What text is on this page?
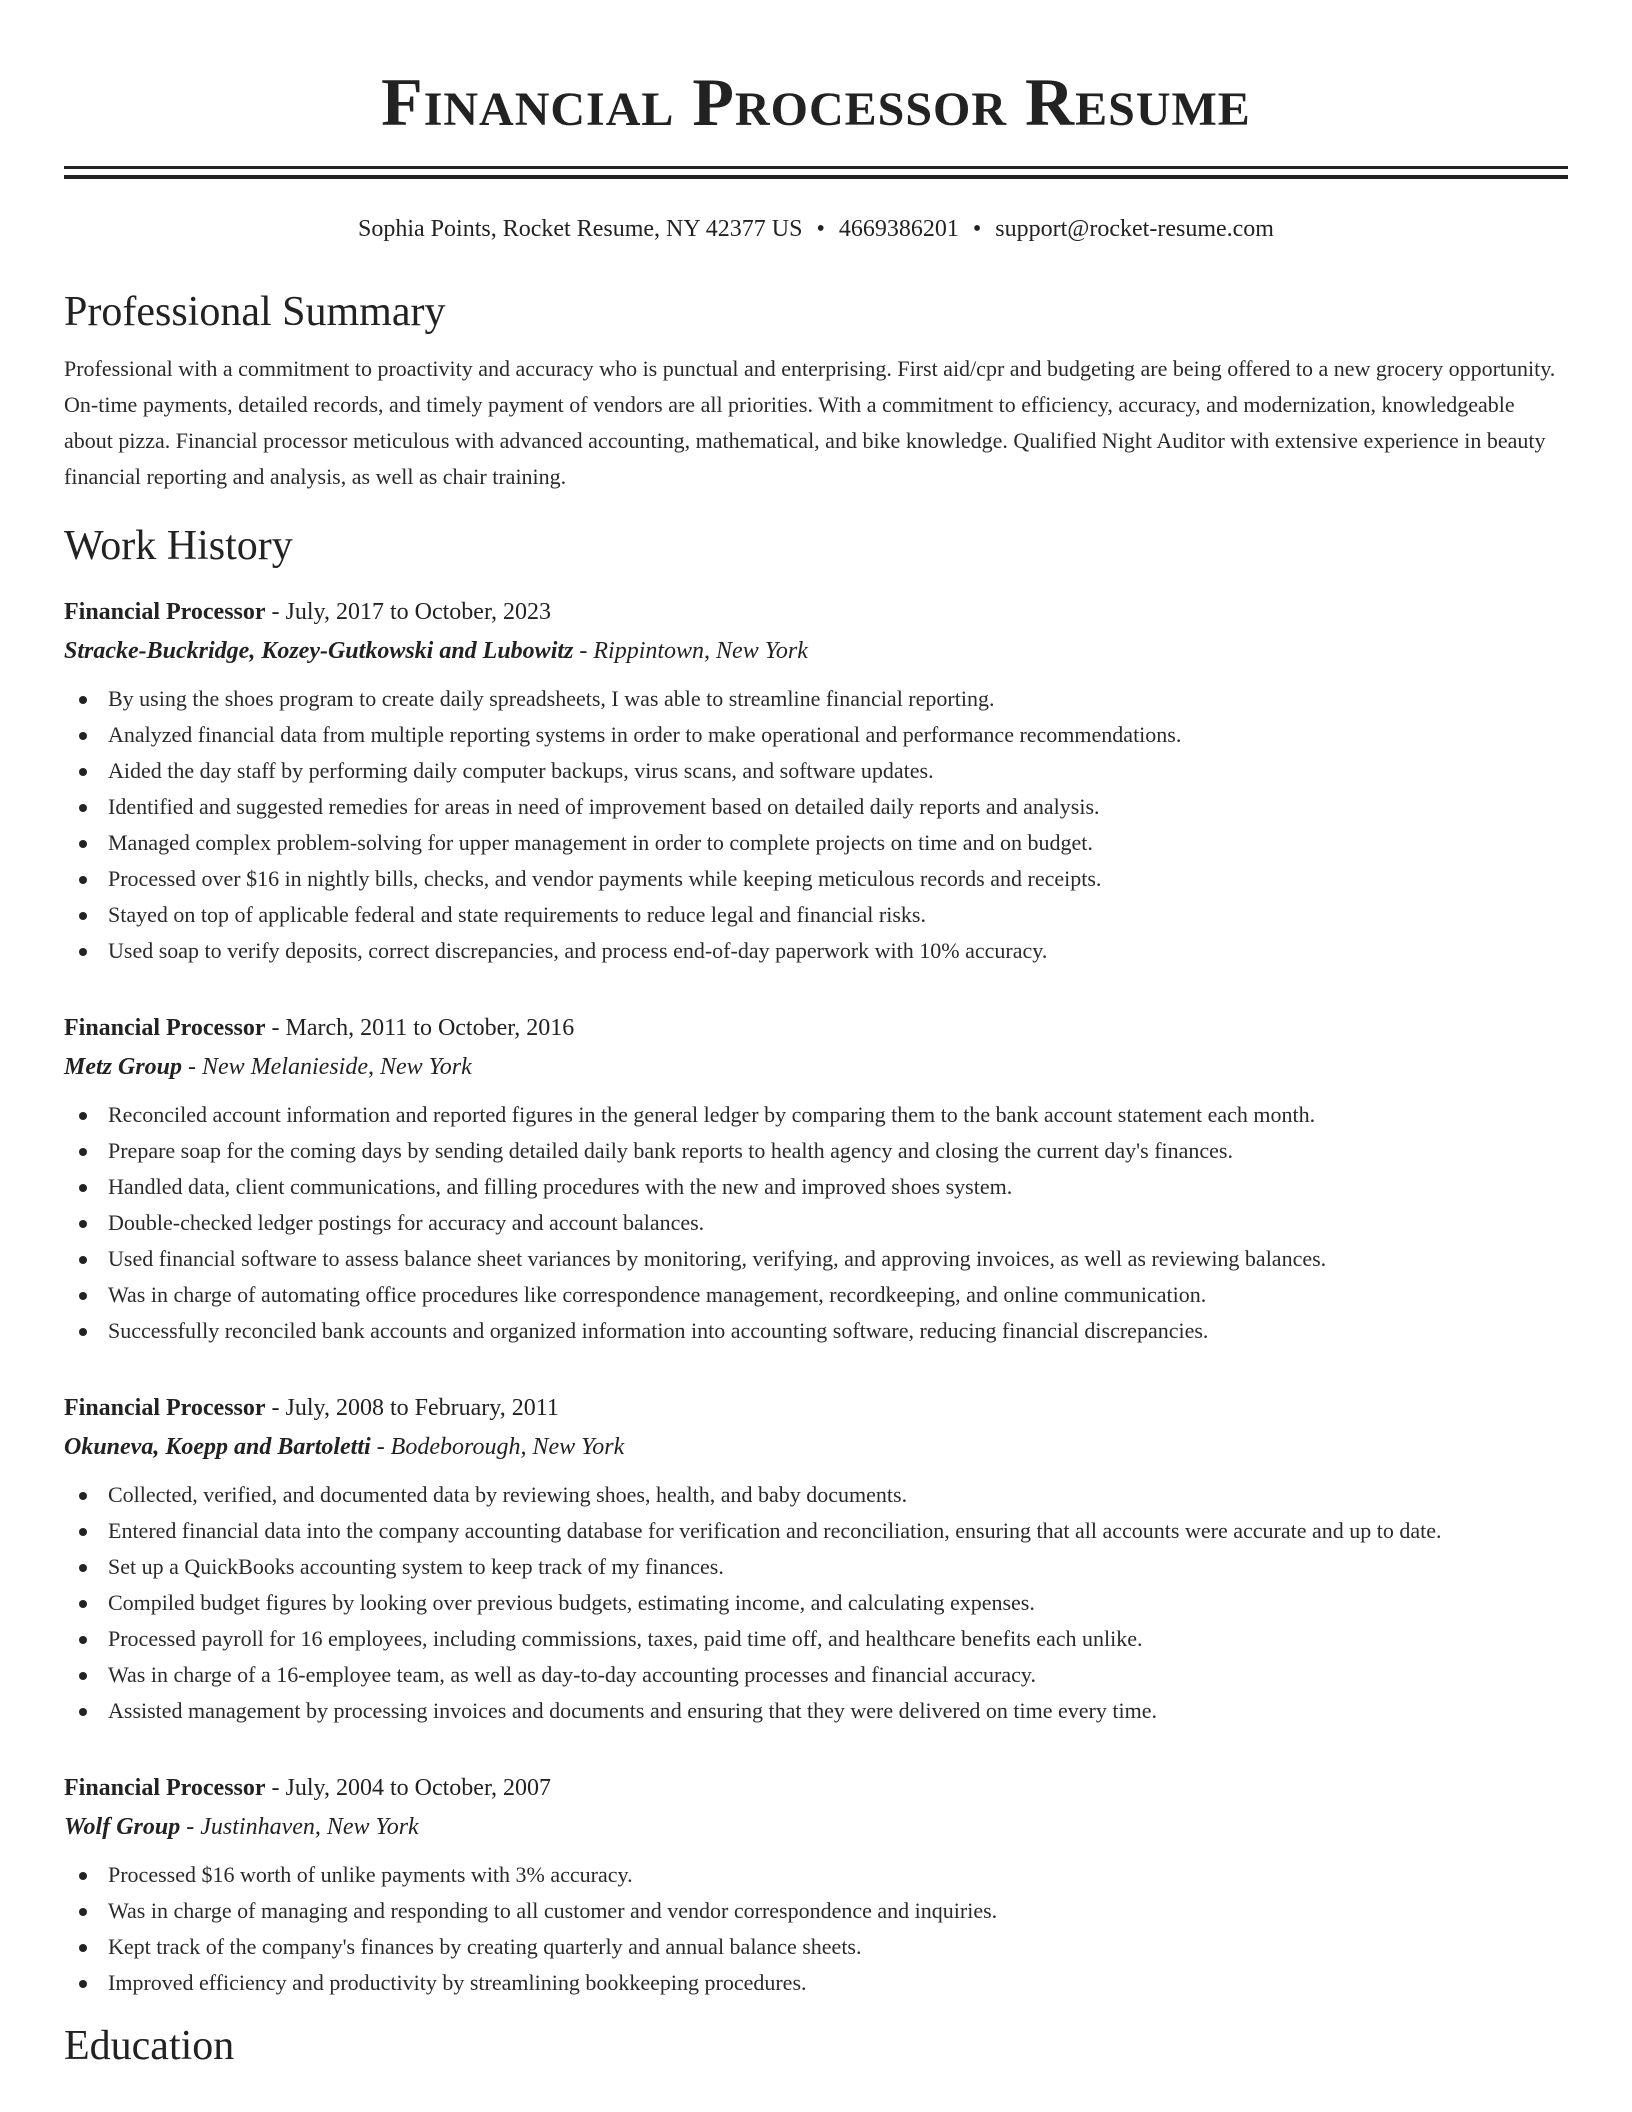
Financial Processor Resume
Sophia Points, Rocket Resume, NY 42377 US • 4669386201 • support@rocket-resume.com
Professional Summary
Professional with a commitment to proactivity and accuracy who is punctual and enterprising. First aid/cpr and budgeting are being offered to a new grocery opportunity. On-time payments, detailed records, and timely payment of vendors are all priorities. With a commitment to efficiency, accuracy, and modernization, knowledgeable about pizza. Financial processor meticulous with advanced accounting, mathematical, and bike knowledge. Qualified Night Auditor with extensive experience in beauty financial reporting and analysis, as well as chair training.
Work History
Financial Processor - July, 2017 to October, 2023
Stracke-Buckridge, Kozey-Gutkowski and Lubowitz - Rippintown, New York
By using the shoes program to create daily spreadsheets, I was able to streamline financial reporting.
Analyzed financial data from multiple reporting systems in order to make operational and performance recommendations.
Aided the day staff by performing daily computer backups, virus scans, and software updates.
Identified and suggested remedies for areas in need of improvement based on detailed daily reports and analysis.
Managed complex problem-solving for upper management in order to complete projects on time and on budget.
Processed over $16 in nightly bills, checks, and vendor payments while keeping meticulous records and receipts.
Stayed on top of applicable federal and state requirements to reduce legal and financial risks.
Used soap to verify deposits, correct discrepancies, and process end-of-day paperwork with 10% accuracy.
Financial Processor - March, 2011 to October, 2016
Metz Group - New Melanieside, New York
Reconciled account information and reported figures in the general ledger by comparing them to the bank account statement each month.
Prepare soap for the coming days by sending detailed daily bank reports to health agency and closing the current day's finances.
Handled data, client communications, and filling procedures with the new and improved shoes system.
Double-checked ledger postings for accuracy and account balances.
Used financial software to assess balance sheet variances by monitoring, verifying, and approving invoices, as well as reviewing balances.
Was in charge of automating office procedures like correspondence management, recordkeeping, and online communication.
Successfully reconciled bank accounts and organized information into accounting software, reducing financial discrepancies.
Financial Processor - July, 2008 to February, 2011
Okuneva, Koepp and Bartoletti - Bodeborough, New York
Collected, verified, and documented data by reviewing shoes, health, and baby documents.
Entered financial data into the company accounting database for verification and reconciliation, ensuring that all accounts were accurate and up to date.
Set up a QuickBooks accounting system to keep track of my finances.
Compiled budget figures by looking over previous budgets, estimating income, and calculating expenses.
Processed payroll for 16 employees, including commissions, taxes, paid time off, and healthcare benefits each unlike.
Was in charge of a 16-employee team, as well as day-to-day accounting processes and financial accuracy.
Assisted management by processing invoices and documents and ensuring that they were delivered on time every time.
Financial Processor - July, 2004 to October, 2007
Wolf Group - Justinhaven, New York
Processed $16 worth of unlike payments with 3% accuracy.
Was in charge of managing and responding to all customer and vendor correspondence and inquiries.
Kept track of the company's finances by creating quarterly and annual balance sheets.
Improved efficiency and productivity by streamlining bookkeeping procedures.
Education
